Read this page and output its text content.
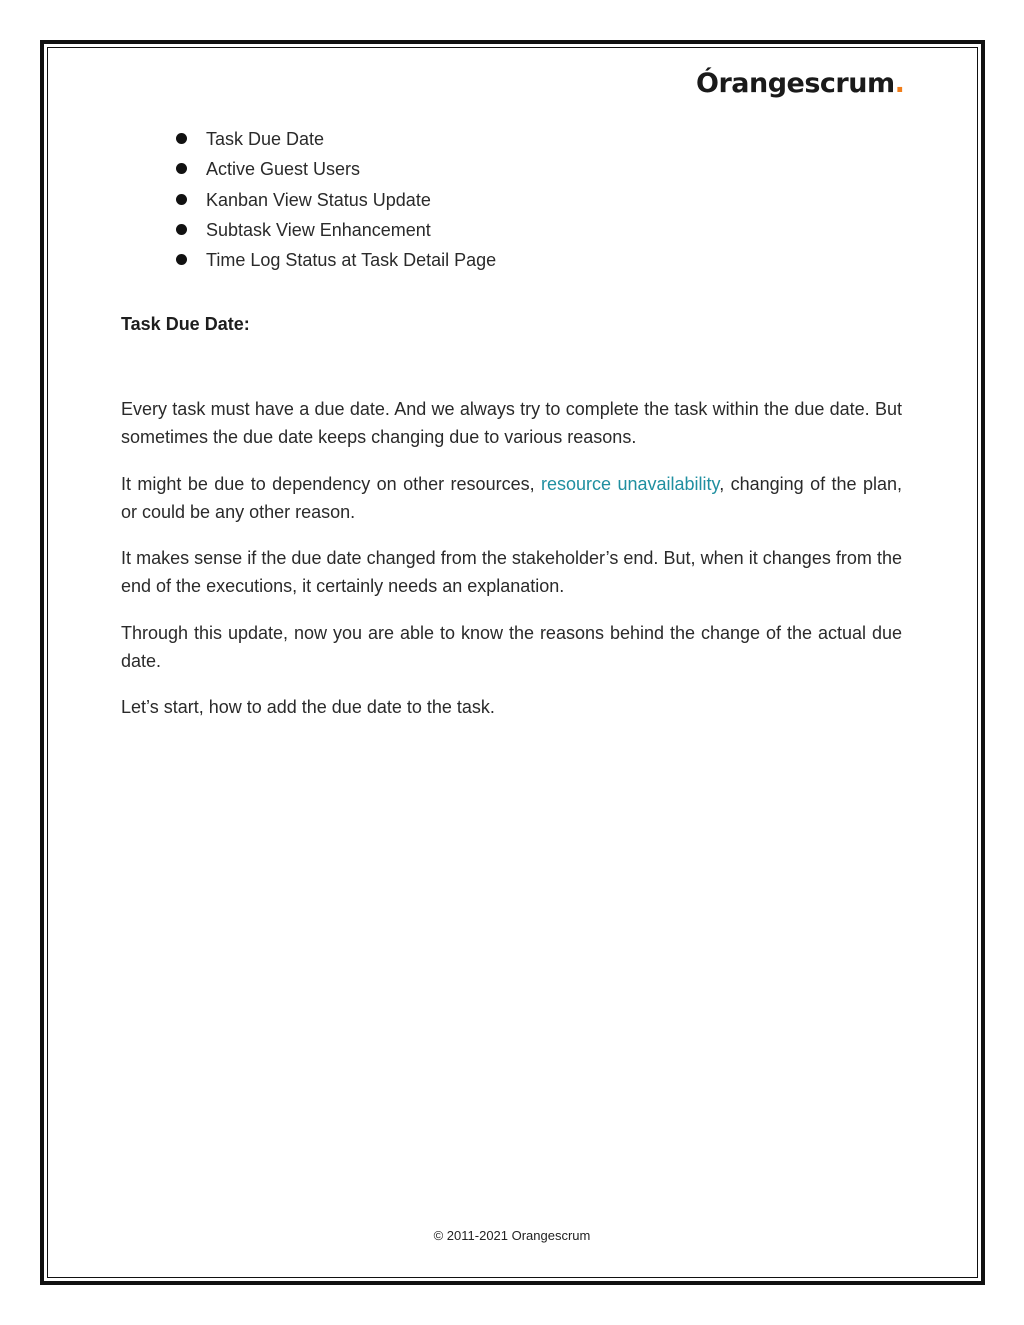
Órangescrum.
Task Due Date
Active Guest Users
Kanban View Status Update
Subtask View Enhancement
Time Log Status at Task Detail Page
Task Due Date:

Every task must have a due date. And we always try to complete the task within the due date. But sometimes the due date keeps changing due to various reasons.

It might be due to dependency on other resources, resource unavailability, changing of the plan, or could be any other reason.

It makes sense if the due date changed from the stakeholder’s end. But, when it changes from the end of the executions, it certainly needs an explanation.

Through this update, now you are able to know the reasons behind the change of the actual due date.

Let’s start, how to add the due date to the task.

© 2011-2021 Orangescrum
